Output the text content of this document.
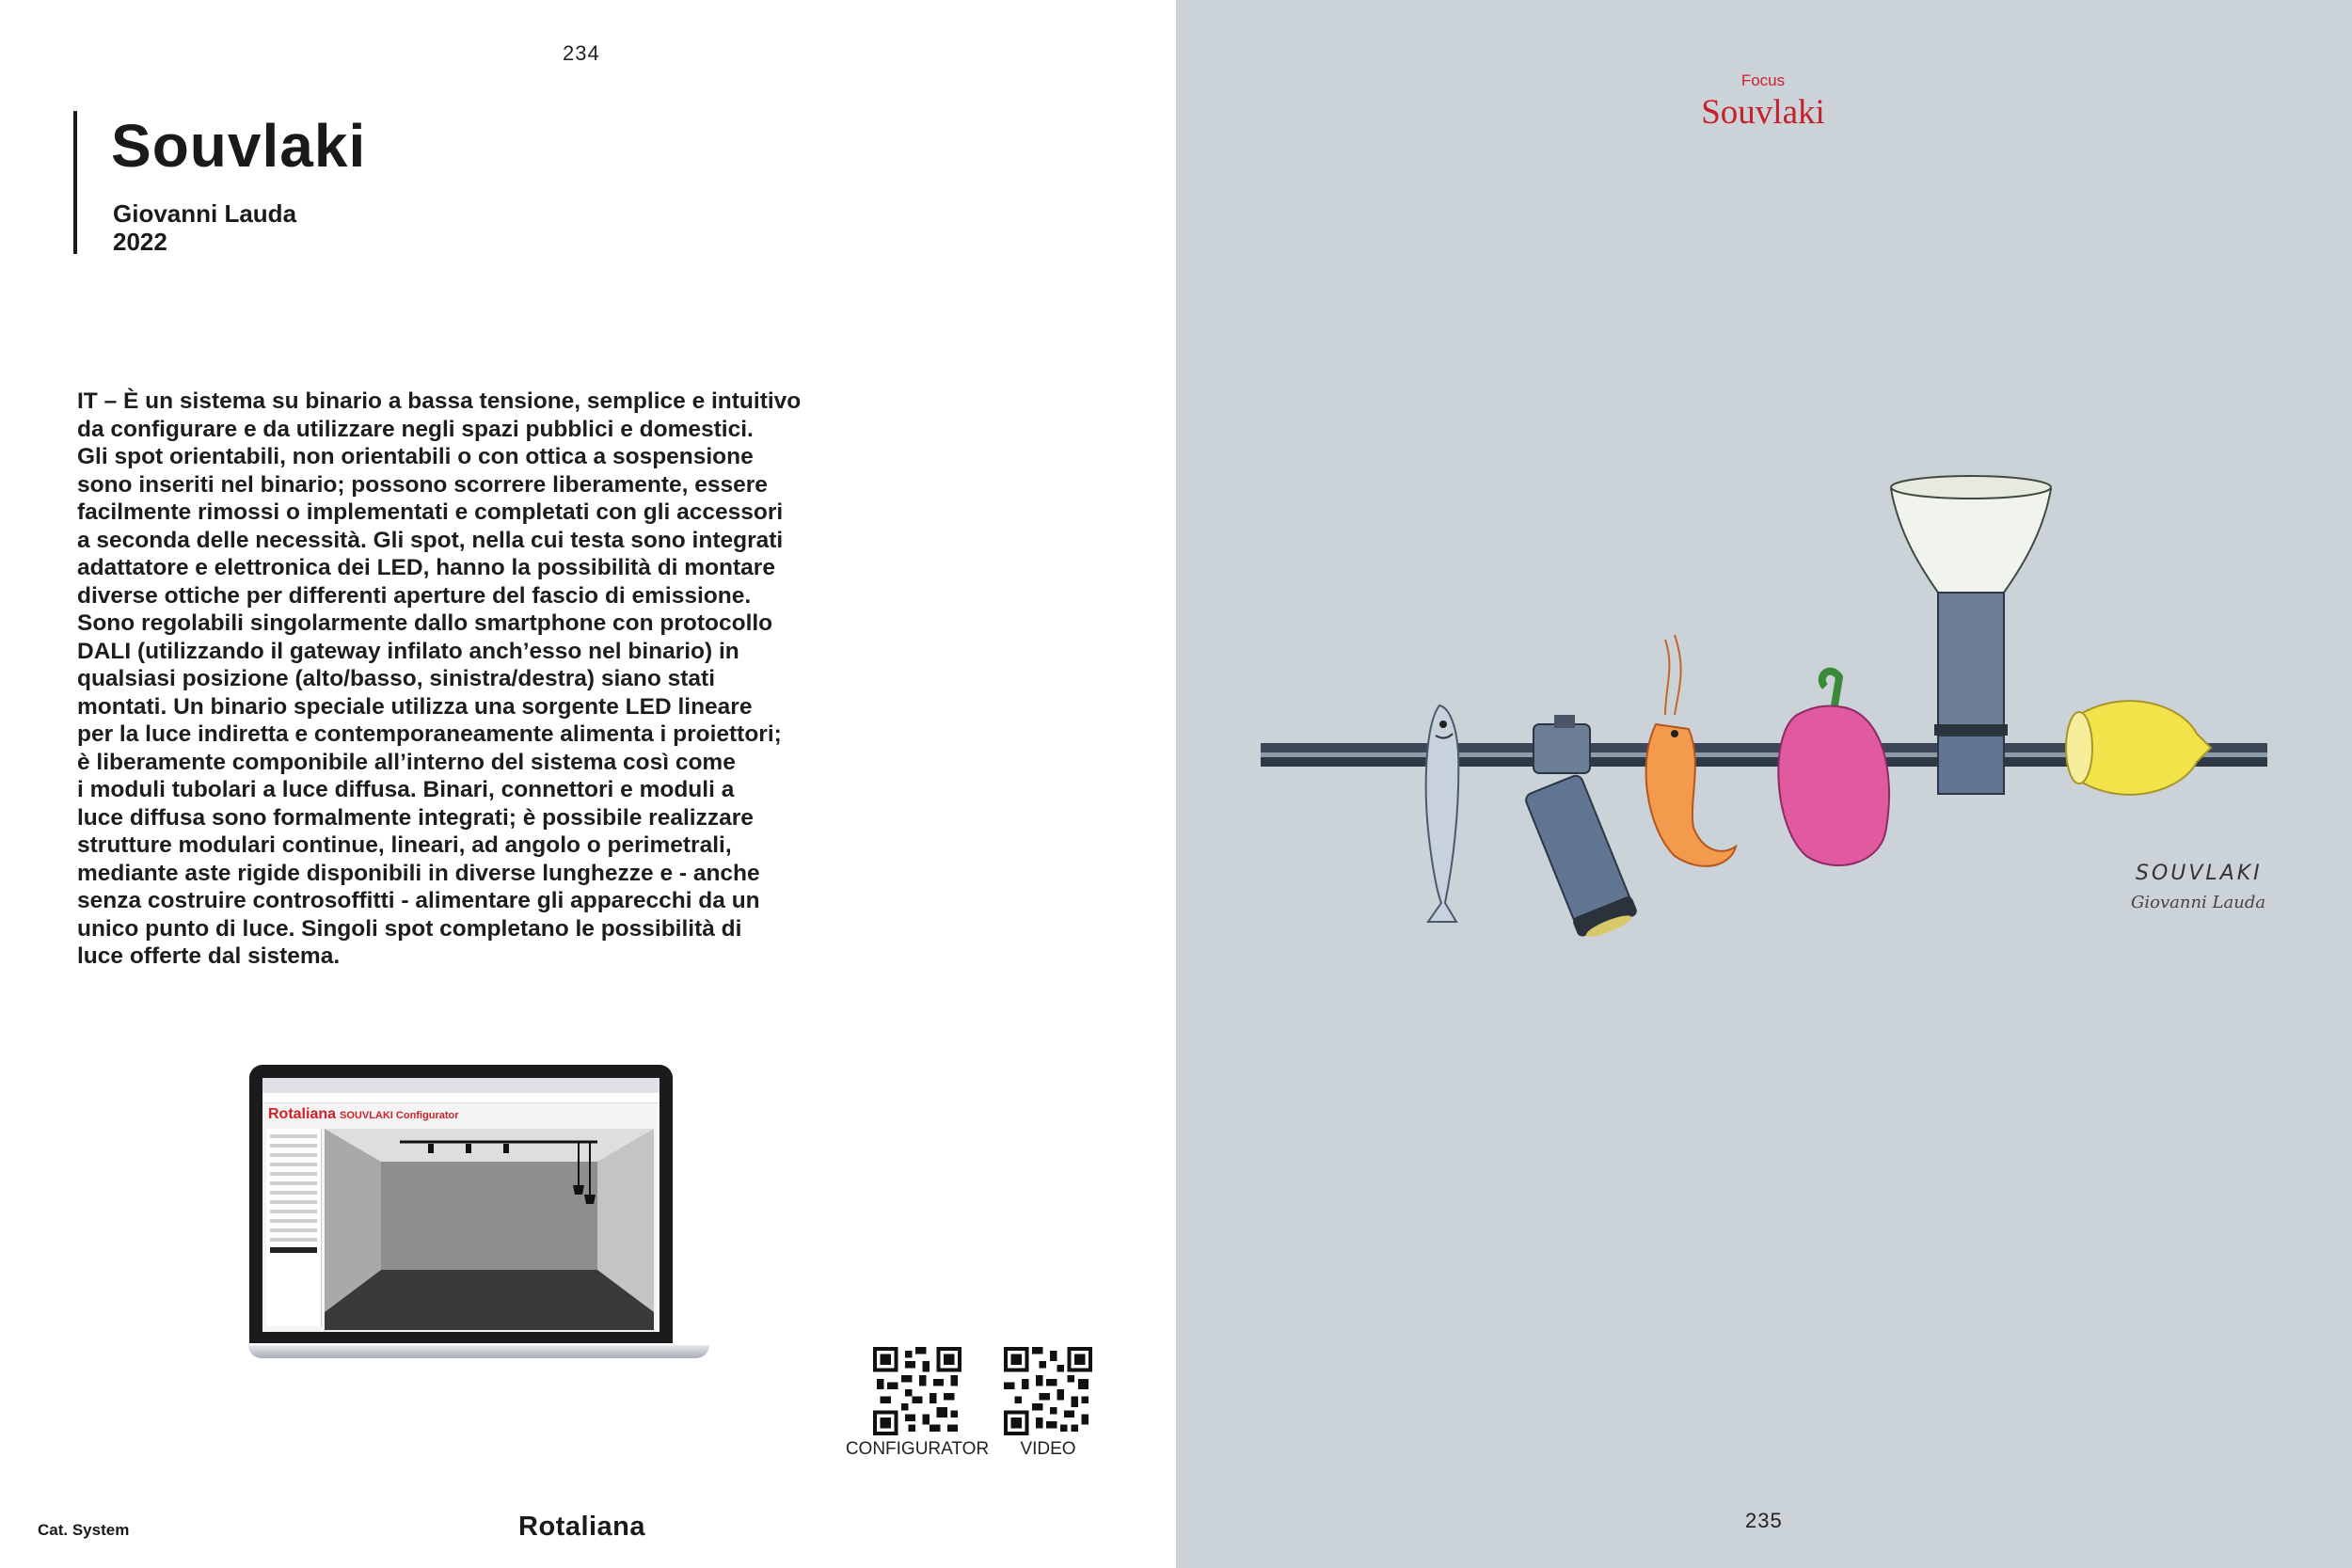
234
Souvlaki
Giovanni Lauda
2022

IT – È un sistema su binario a bassa tensione, semplice e intuitivo
da configurare e da utilizzare negli spazi pubblici e domestici.
Gli spot orientabili, non orientabili o con ottica a sospensione
sono inseriti nel binario; possono scorrere liberamente, essere
facilmente rimossi o implementati e completati con gli accessori
a seconda delle necessità. Gli spot, nella cui testa sono integrati
adattatore e elettronica dei LED, hanno la possibilità di montare
diverse ottiche per differenti aperture del fascio di emissione.
Sono regolabili singolarmente dallo smartphone con protocollo
DALI (utilizzando il gateway infilato anch’esso nel binario) in
qualsiasi posizione (alto/basso, sinistra/destra) siano stati
montati. Un binario speciale utilizza una sorgente LED lineare
per la luce indiretta e contemporaneamente alimenta i proiettori;
è liberamente componibile all’interno del sistema così come
i moduli tubolari a luce diffusa. Binari, connettori e moduli a
luce diffusa sono formalmente integrati; è possibile realizzare
strutture modulari continue, lineari, ad angolo o perimetrali,
mediante aste rigide disponibili in diverse lunghezze e - anche
senza costruire controsoffitti - alimentare gli apparecchi da un
unico punto di luce. Singoli spot completano le possibilità di
luce offerte dal sistema.

Rotaliana SOUVLAKI Configurator
CONFIGURATOR	VIDEO
Cat. System	Rotaliana
Focus
Souvlaki
SOUVLAKI
Giovanni Lauda
235
